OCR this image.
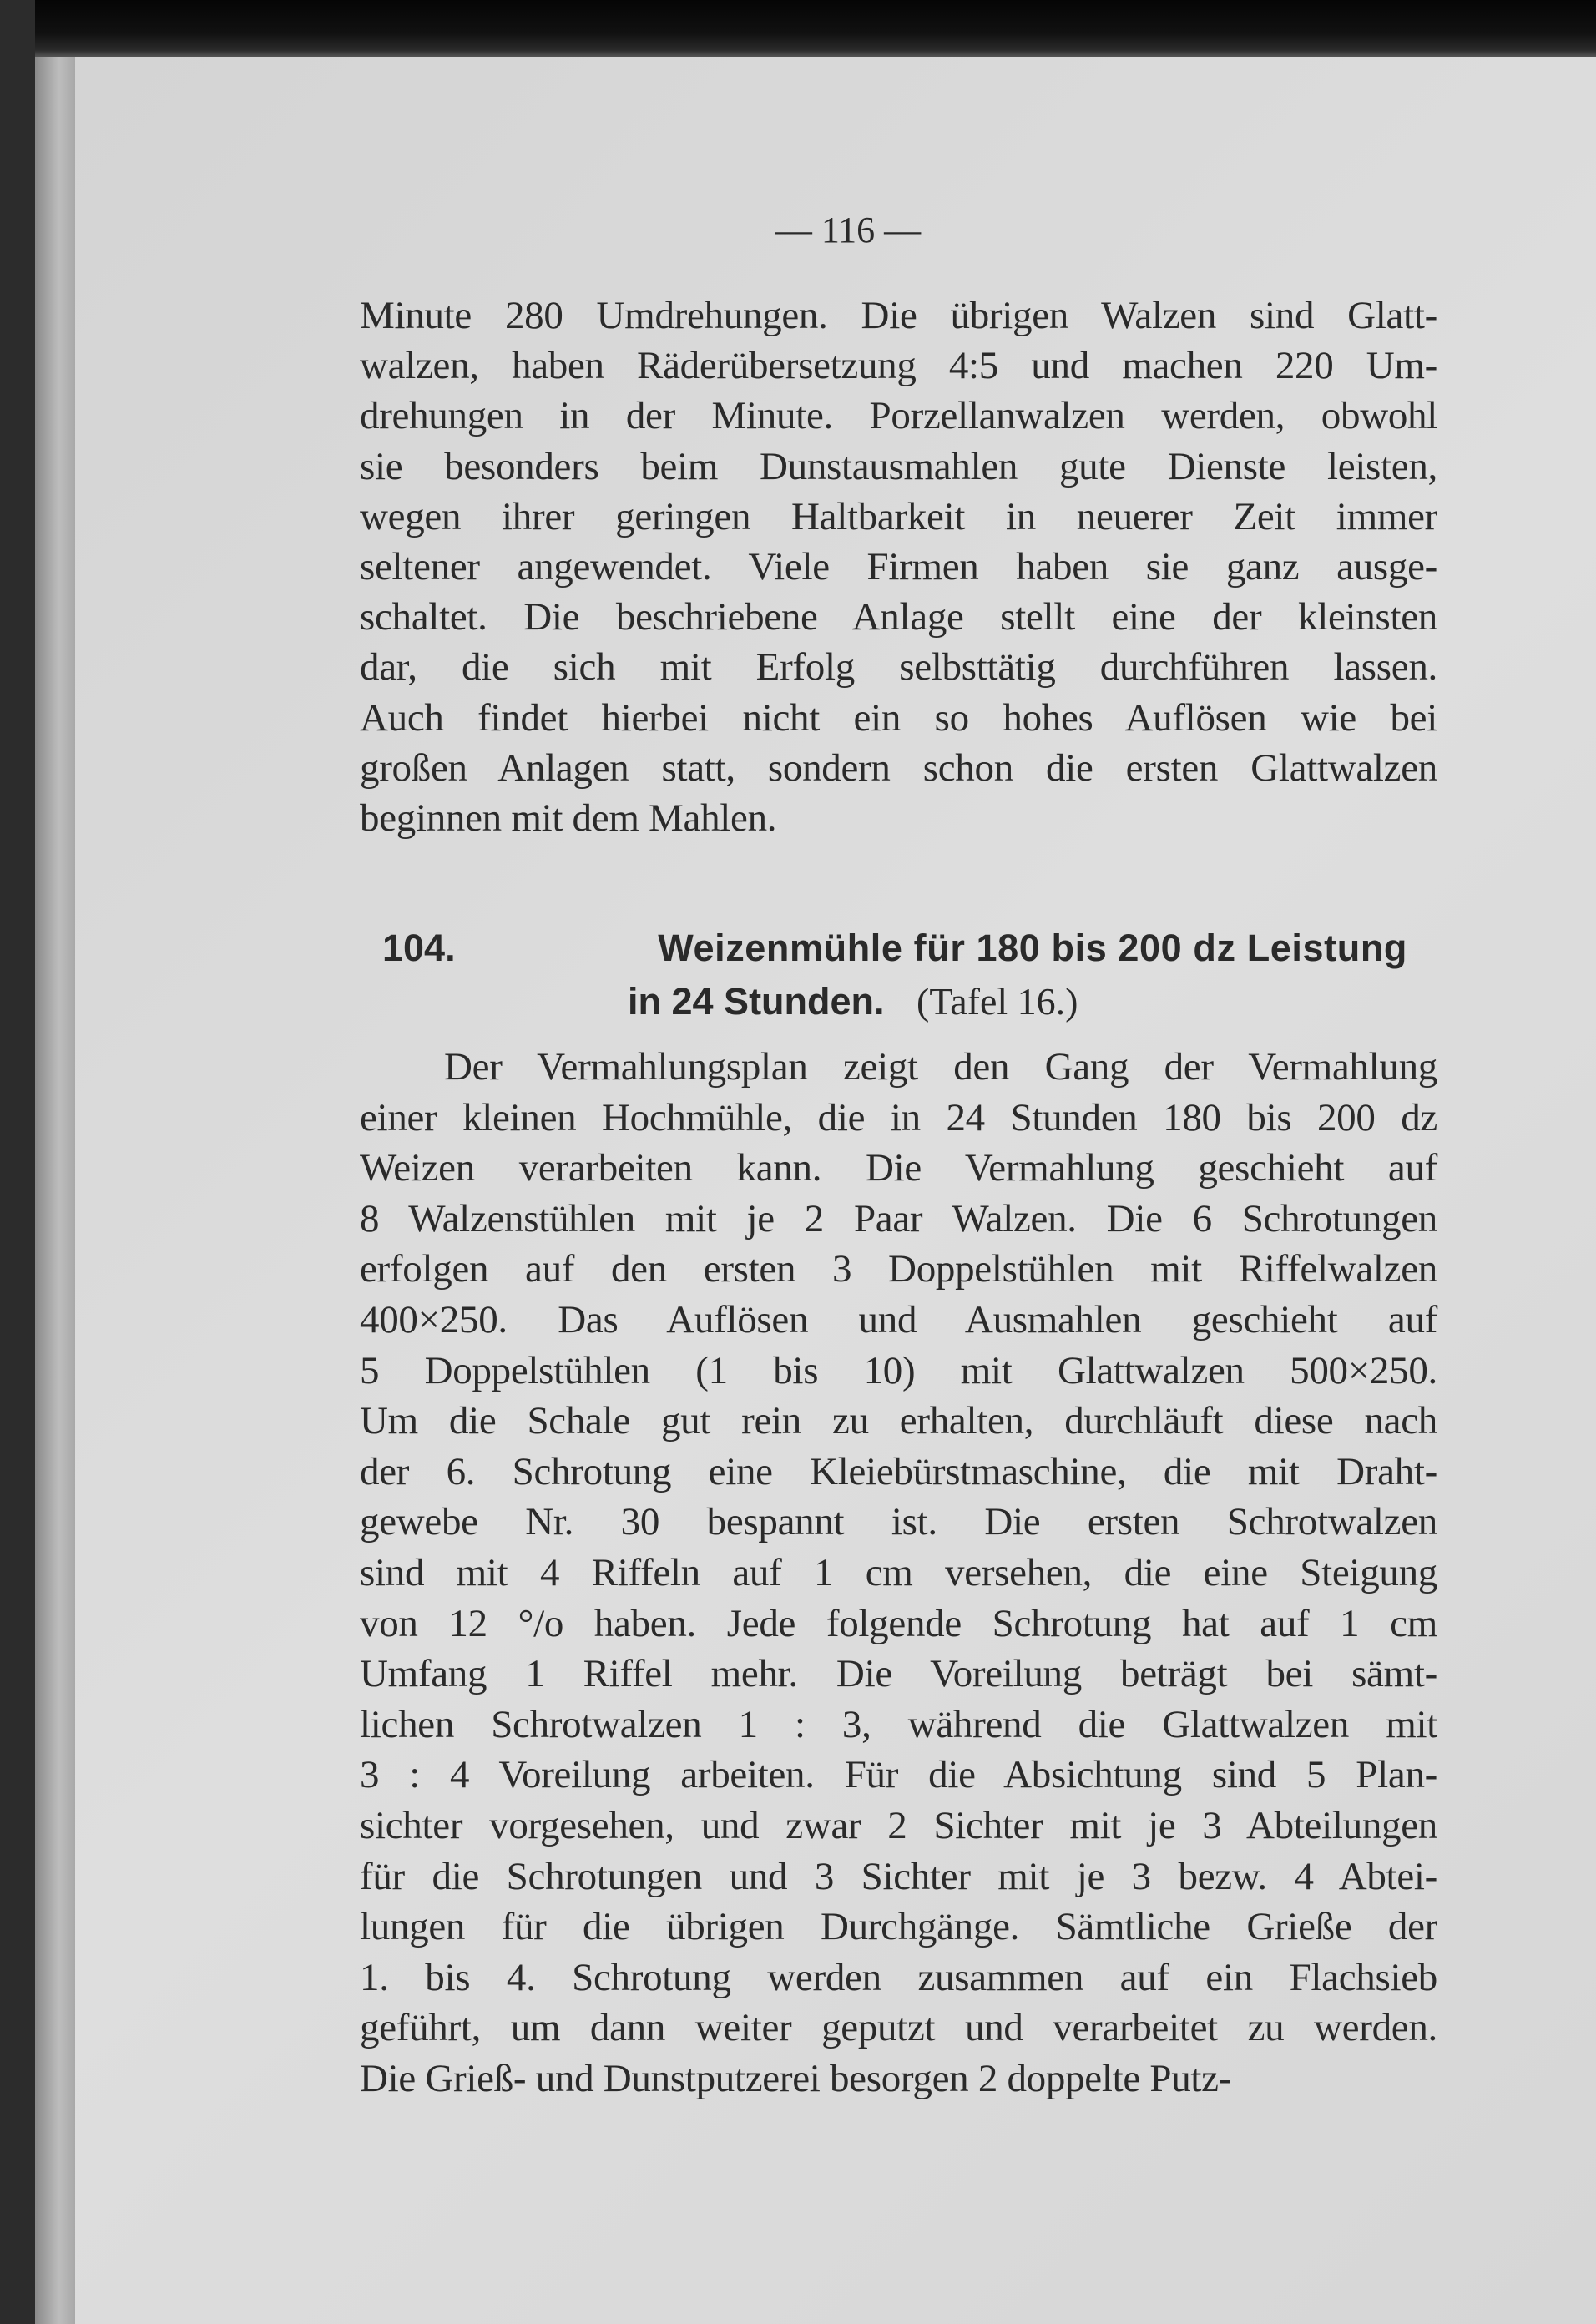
— 116 —
Minute 280 Umdrehungen. Die übrigen Walzen sind Glatt-
walzen, haben Räderübersetzung 4:5 und machen 220 Um-
drehungen in der Minute. Porzellanwalzen werden, obwohl
sie besonders beim Dunstausmahlen gute Dienste leisten,
wegen ihrer geringen Haltbarkeit in neuerer Zeit immer
seltener angewendet. Viele Firmen haben sie ganz ausge-
schaltet. Die beschriebene Anlage stellt eine der kleinsten
dar, die sich mit Erfolg selbsttätig durchführen lassen.
Auch findet hierbei nicht ein so hohes Auflösen wie bei
großen Anlagen statt, sondern schon die ersten Glattwalzen
beginnen mit dem Mahlen.
104.	Weizenmühle für 180 bis 200 dz Leistung
in 24 Stunden. (Tafel 16.)
Der Vermahlungsplan zeigt den Gang der Vermahlung
einer kleinen Hochmühle, die in 24 Stunden 180 bis 200 dz
Weizen verarbeiten kann. Die Vermahlung geschieht auf
8 Walzenstühlen mit je 2 Paar Walzen. Die 6 Schrotungen
erfolgen auf den ersten 3 Doppelstühlen mit Riffelwalzen
400×250. Das Auflösen und Ausmahlen geschieht auf
5 Doppelstühlen (1 bis 10) mit Glattwalzen 500×250.
Um die Schale gut rein zu erhalten, durchläuft diese nach
der 6. Schrotung eine Kleiebürstmaschine, die mit Draht-
gewebe Nr. 30 bespannt ist. Die ersten Schrotwalzen
sind mit 4 Riffeln auf 1 cm versehen, die eine Steigung
von 12 °/o haben. Jede folgende Schrotung hat auf 1 cm
Umfang 1 Riffel mehr. Die Voreilung beträgt bei sämt-
lichen Schrotwalzen 1 : 3, während die Glattwalzen mit
3 : 4 Voreilung arbeiten. Für die Absichtung sind 5 Plan-
sichter vorgesehen, und zwar 2 Sichter mit je 3 Abteilungen
für die Schrotungen und 3 Sichter mit je 3 bezw. 4 Abtei-
lungen für die übrigen Durchgänge. Sämtliche Grieße der
1. bis 4. Schrotung werden zusammen auf ein Flachsieb
geführt, um dann weiter geputzt und verarbeitet zu werden.
Die Grieß- und Dunstputzerei besorgen 2 doppelte Putz-
